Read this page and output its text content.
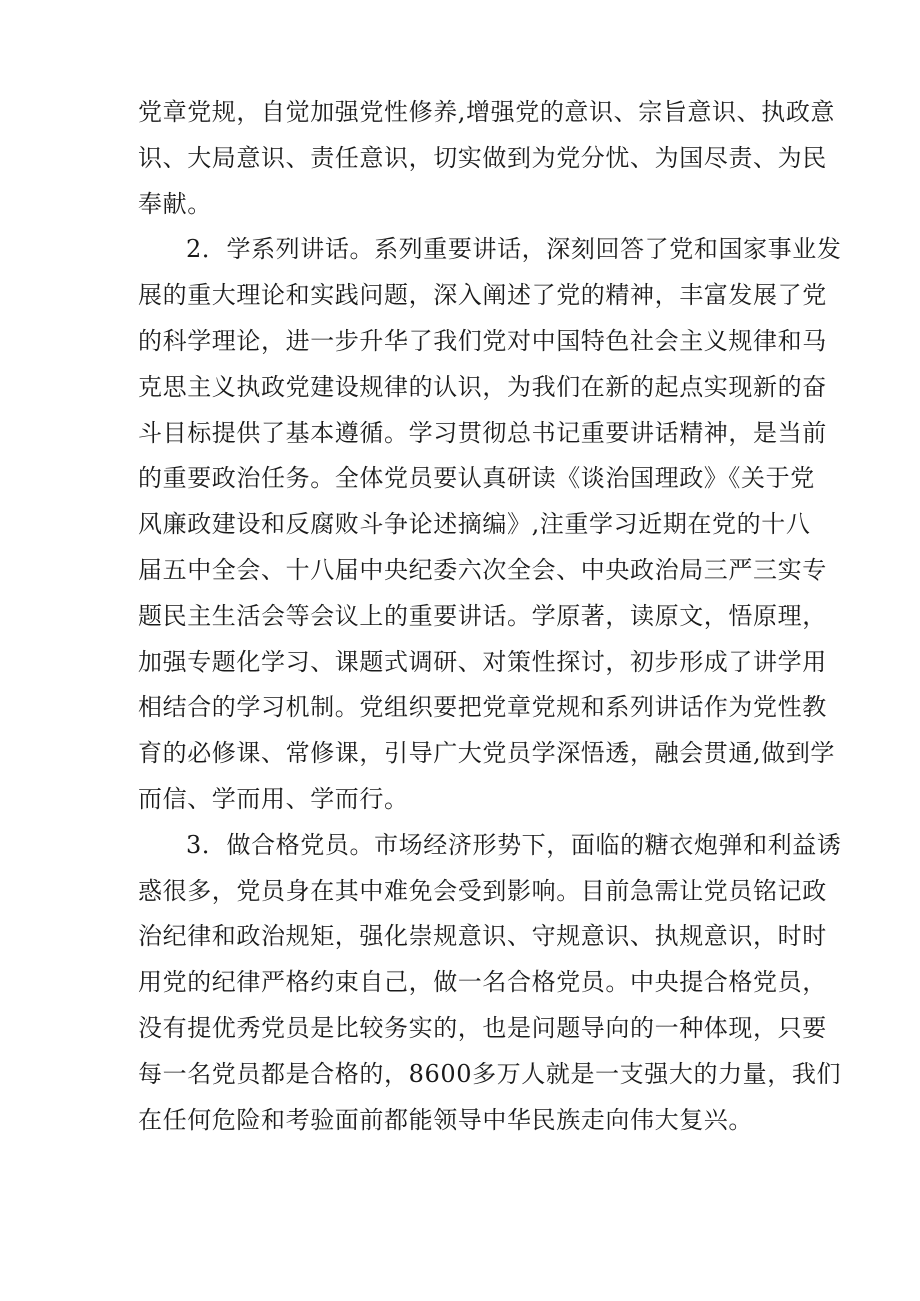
党章党规，自觉加强党性修养,增强党的意识、宗旨意识、执政意
识、大局意识、责任意识，切实做到为党分忧、为国尽责、为民
奉献。

2．学系列讲话。系列重要讲话，深刻回答了党和国家事业发
展的重大理论和实践问题，深入阐述了党的精神，丰富发展了党
的科学理论，进一步升华了我们党对中国特色社会主义规律和马
克思主义执政党建设规律的认识，为我们在新的起点实现新的奋
斗目标提供了基本遵循。学习贯彻总书记重要讲话精神，是当前
的重要政治任务。全体党员要认真研读《谈治国理政》《关于党
风廉政建设和反腐败斗争论述摘编》,注重学习近期在党的十八
届五中全会、十八届中央纪委六次全会、中央政治局三严三实专
题民主生活会等会议上的重要讲话。学原著，读原文，悟原理，
加强专题化学习、课题式调研、对策性探讨，初步形成了讲学用
相结合的学习机制。党组织要把党章党规和系列讲话作为党性教
育的必修课、常修课，引导广大党员学深悟透，融会贯通,做到学
而信、学而用、学而行。

3．做合格党员。市场经济形势下，面临的糖衣炮弹和利益诱
惑很多，党员身在其中难免会受到影响。目前急需让党员铭记政
治纪律和政治规矩，强化崇规意识、守规意识、执规意识，时时
用党的纪律严格约束自己，做一名合格党员。中央提合格党员，
没有提优秀党员是比较务实的，也是问题导向的一种体现，只要
每一名党员都是合格的，8600多万人就是一支强大的力量，我们
在任何危险和考验面前都能领导中华民族走向伟大复兴。
